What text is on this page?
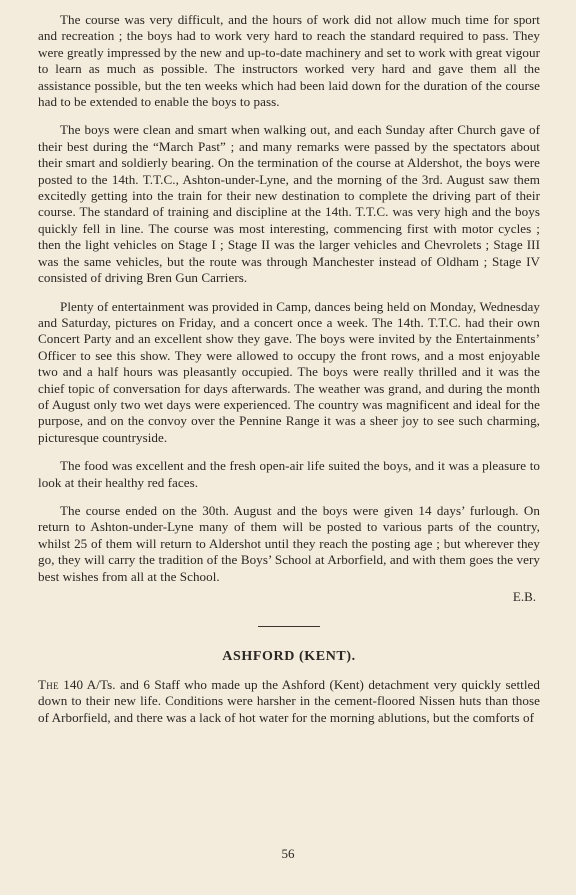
The course was very difficult, and the hours of work did not allow much time for sport and recreation ; the boys had to work very hard to reach the standard required to pass. They were greatly impressed by the new and up-to-date machinery and set to work with great vigour to learn as much as possible. The instructors worked very hard and gave them all the assistance possible, but the ten weeks which had been laid down for the duration of the course had to be extended to enable the boys to pass.

The boys were clean and smart when walking out, and each Sunday after Church gave of their best during the “March Past” ; and many remarks were passed by the spectators about their smart and soldierly bearing. On the termination of the course at Aldershot, the boys were posted to the 14th. T.T.C., Ashton-under-Lyne, and the morning of the 3rd. August saw them excitedly getting into the train for their new destination to complete the driving part of their course. The standard of training and discipline at the 14th. T.T.C. was very high and the boys quickly fell in line. The course was most interesting, commencing first with motor cycles ; then the light vehicles on Stage I ; Stage II was the larger vehicles and Chevrolets ; Stage III was the same vehicles, but the route was through Manchester instead of Oldham ; Stage IV consisted of driving Bren Gun Carriers.

Plenty of entertainment was provided in Camp, dances being held on Monday, Wednesday and Saturday, pictures on Friday, and a concert once a week. The 14th. T.T.C. had their own Concert Party and an excellent show they gave. The boys were invited by the Entertainments’ Officer to see this show. They were allowed to occupy the front rows, and a most enjoyable two and a half hours was pleasantly occupied. The boys were really thrilled and it was the chief topic of conversation for days afterwards. The weather was grand, and during the month of August only two wet days were experienced. The country was magnificent and ideal for the purpose, and on the convoy over the Pennine Range it was a sheer joy to see such charming, picturesque countryside.

The food was excellent and the fresh open-air life suited the boys, and it was a pleasure to look at their healthy red faces.

The course ended on the 30th. August and the boys were given 14 days’ furlough. On return to Ashton-under-Lyne many of them will be posted to various parts of the country, whilst 25 of them will return to Aldershot until they reach the posting age ; but wherever they go, they will carry the tradition of the Boys’ School at Arborfield, and with them goes the very best wishes from all at the School.

E.B.
ASHFORD (KENT).

The 140 A/Ts. and 6 Staff who made up the Ashford (Kent) detachment very quickly settled down to their new life. Conditions were harsher in the cement-floored Nissen huts than those of Arborfield, and there was a lack of hot water for the morning ablutions, but the comforts of

56
